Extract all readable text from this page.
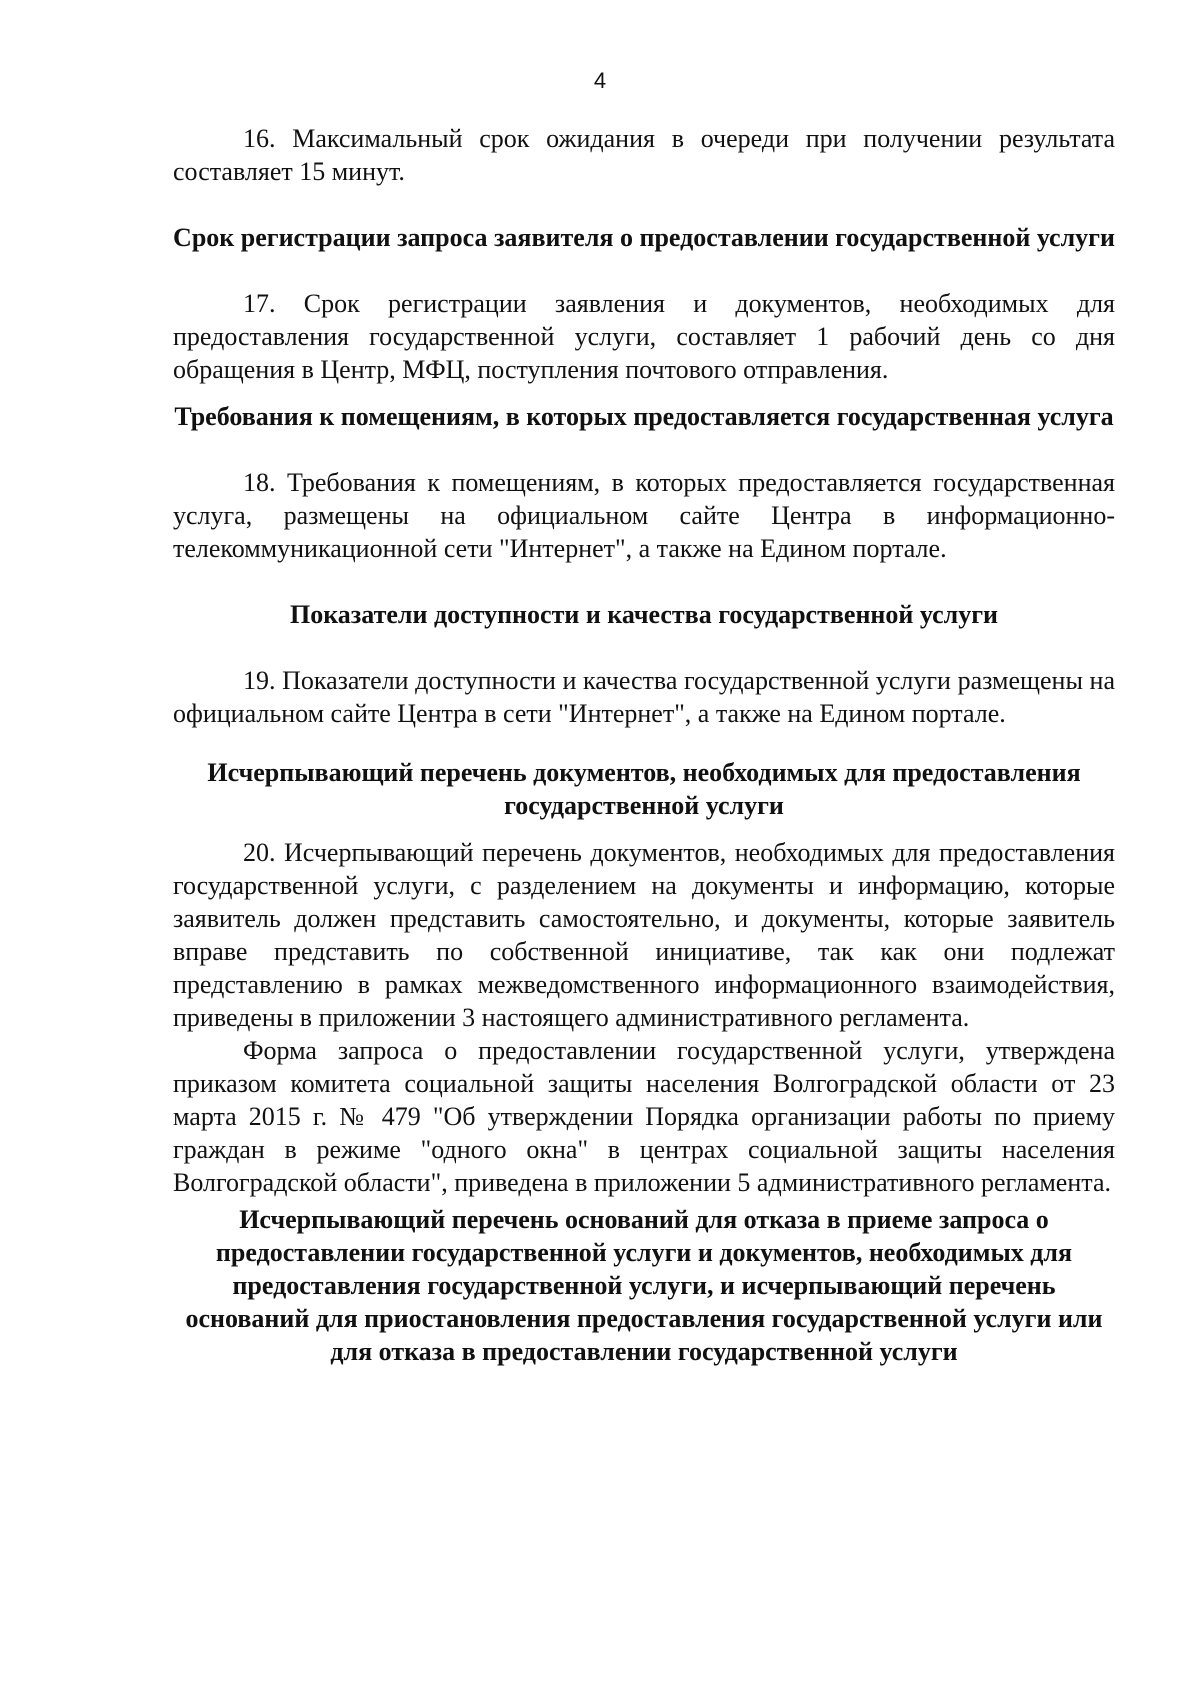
4

16. Максимальный срок ожидания в очереди при получении результата составляет 15 минут.

Срок регистрации запроса заявителя о предоставлении государственной услуги

17. Срок регистрации заявления и документов, необходимых для предоставления государственной услуги, составляет 1 рабочий день со дня обращения в Центр, МФЦ, поступления почтового отправления.

Требования к помещениям, в которых предоставляется государственная услуга

18. Требования к помещениям, в которых предоставляется государственная услуга, размещены на официальном сайте Центра в информационно-телекоммуникационной сети "Интернет", а также на Едином портале.

Показатели доступности и качества государственной услуги

19. Показатели доступности и качества государственной услуги размещены на официальном сайте Центра в сети "Интернет", а также на Едином портале.

Исчерпывающий перечень документов, необходимых для предоставления государственной услуги

20. Исчерпывающий перечень документов, необходимых для предоставления государственной услуги, с разделением на документы и информацию, которые заявитель должен представить самостоятельно, и документы, которые заявитель вправе представить по собственной инициативе, так как они подлежат представлению в рамках межведомственного информационного взаимодействия, приведены в приложении 3 настоящего административного регламента.

Форма запроса о предоставлении государственной услуги, утверждена приказом комитета социальной защиты населения Волгоградской области от 23 марта 2015 г. № 479 "Об утверждении Порядка организации работы по приему граждан в режиме "одного окна" в центрах социальной защиты населения Волгоградской области", приведена в приложении 5 административного регламента.

Исчерпывающий перечень оснований для отказа в приеме запроса о предоставлении государственной услуги и документов, необходимых для предоставления государственной услуги, и исчерпывающий перечень оснований для приостановления предоставления государственной услуги или для отказа в предоставлении государственной услуги
